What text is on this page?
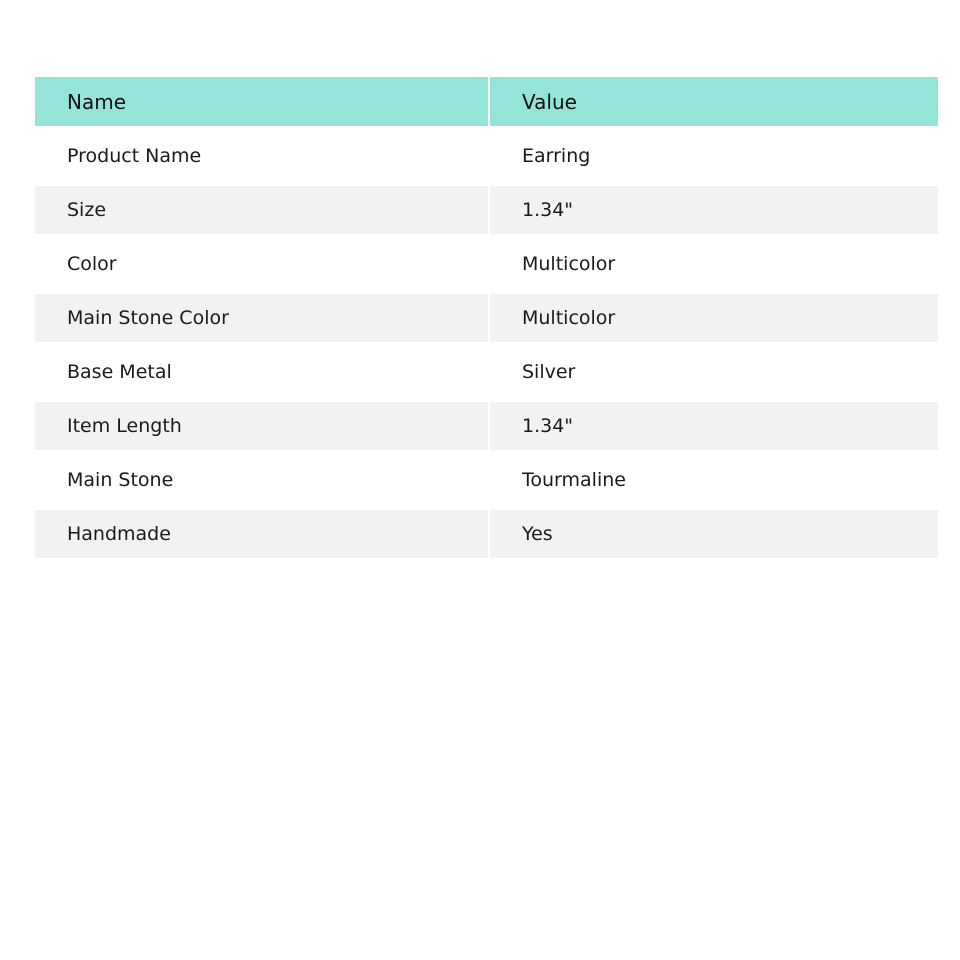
Name	Value
Product Name	Earring
Size	1.34"
Color	Multicolor
Main Stone Color	Multicolor
Base Metal	Silver
Item Length	1.34"
Main Stone	Tourmaline
Handmade	Yes
